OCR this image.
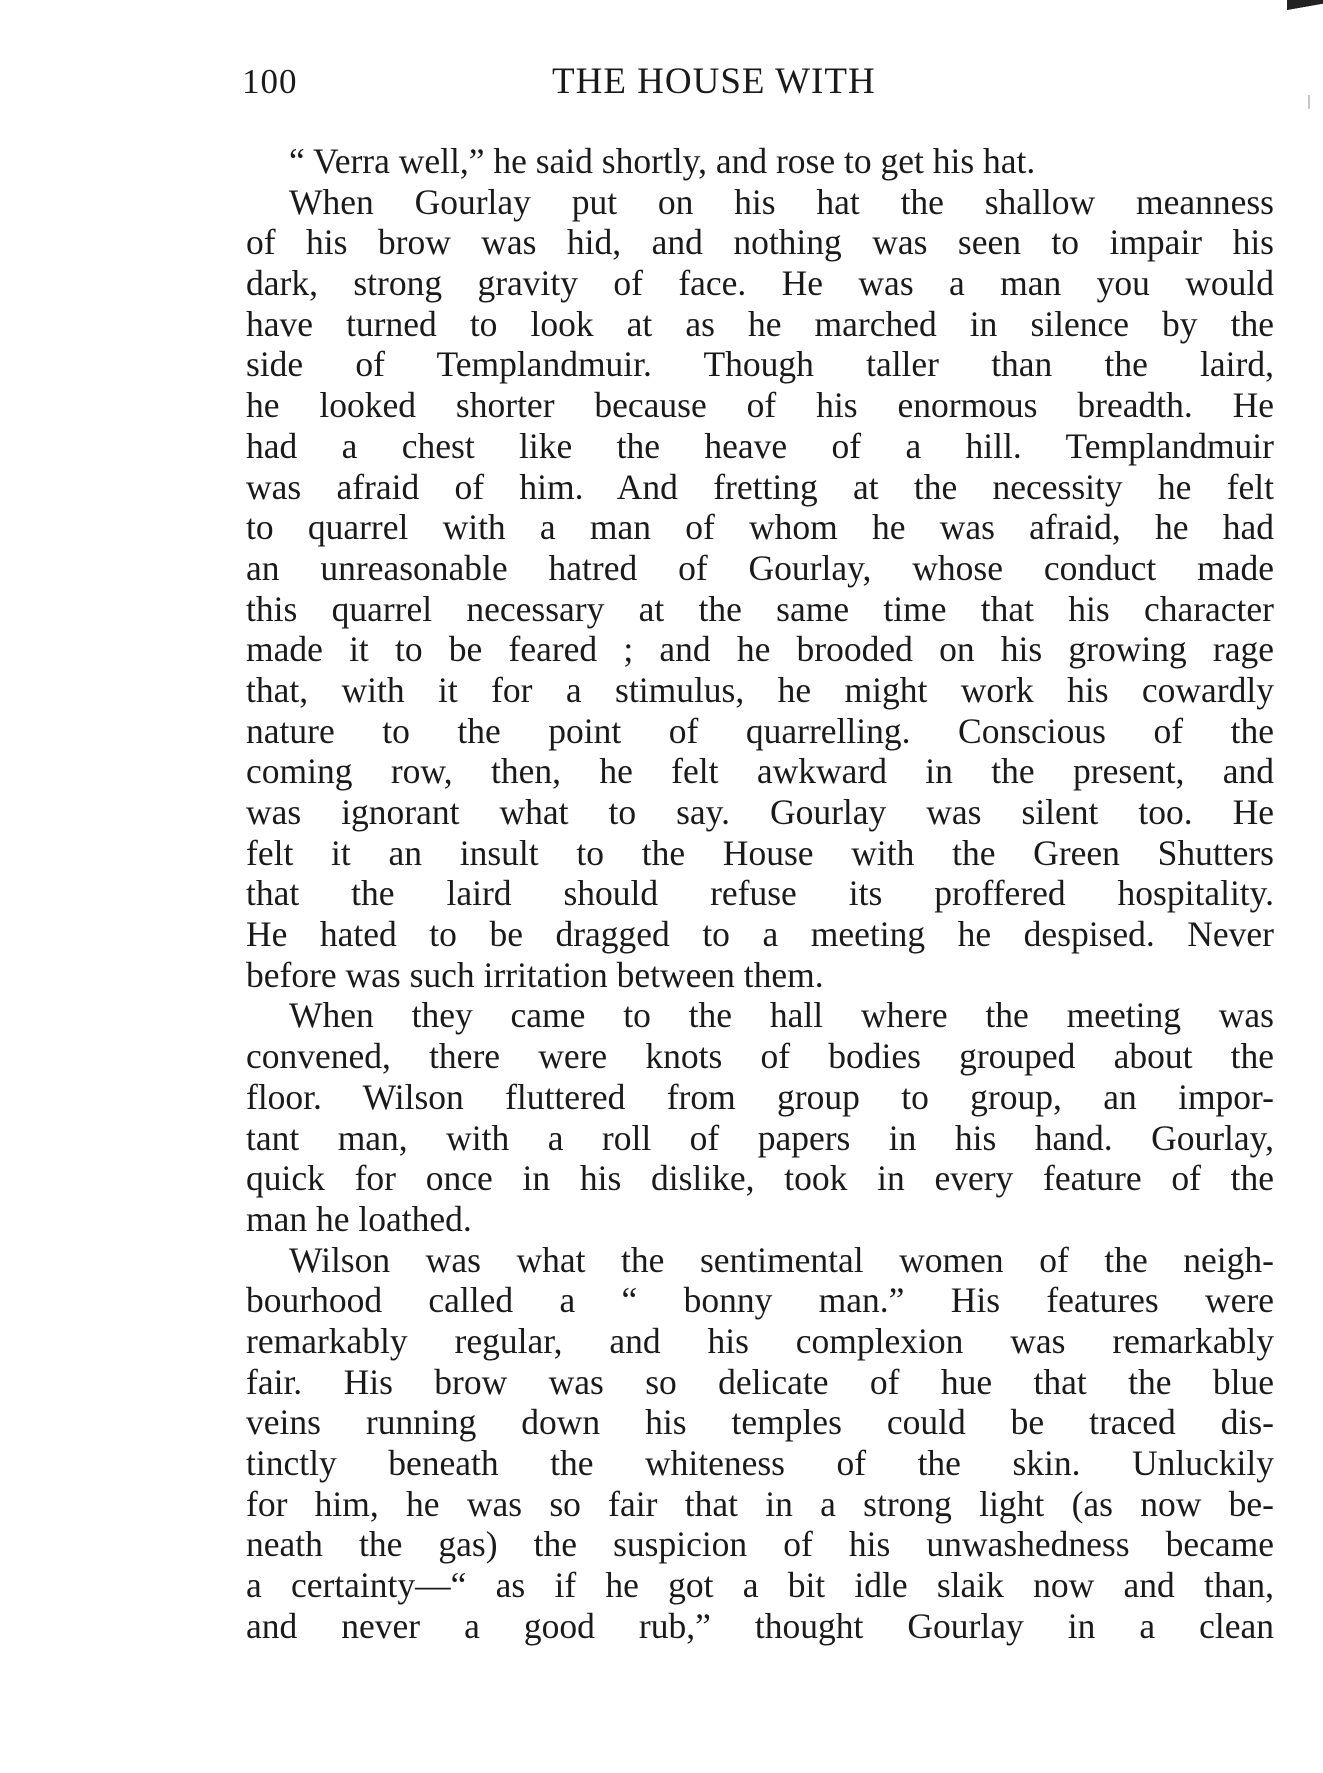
100	THE HOUSE WITH
“ Verra well,” he said shortly, and rose to get his hat.
When Gourlay put on his hat the shallow meanness
of his brow was hid, and nothing was seen to impair his
dark, strong gravity of face. He was a man you would
have turned to look at as he marched in silence by the
side of Templandmuir. Though taller than the laird,
he looked shorter because of his enormous breadth. He
had a chest like the heave of a hill. Templandmuir
was afraid of him. And fretting at the necessity he felt
to quarrel with a man of whom he was afraid, he had
an unreasonable hatred of Gourlay, whose conduct made
this quarrel necessary at the same time that his character
made it to be feared ; and he brooded on his growing rage
that, with it for a stimulus, he might work his cowardly
nature to the point of quarrelling. Conscious of the
coming row, then, he felt awkward in the present, and
was ignorant what to say. Gourlay was silent too. He
felt it an insult to the House with the Green Shutters
that the laird should refuse its proffered hospitality.
He hated to be dragged to a meeting he despised. Never
before was such irritation between them.
When they came to the hall where the meeting was
convened, there were knots of bodies grouped about the
floor. Wilson fluttered from group to group, an impor-
tant man, with a roll of papers in his hand. Gourlay,
quick for once in his dislike, took in every feature of the
man he loathed.
Wilson was what the sentimental women of the neigh-
bourhood called a “ bonny man.” His features were
remarkably regular, and his complexion was remarkably
fair. His brow was so delicate of hue that the blue
veins running down his temples could be traced dis-
tinctly beneath the whiteness of the skin. Unluckily
for him, he was so fair that in a strong light (as now be-
neath the gas) the suspicion of his unwashedness became
a certainty—“ as if he got a bit idle slaik now and than,
and never a good rub,” thought Gourlay in a clean
